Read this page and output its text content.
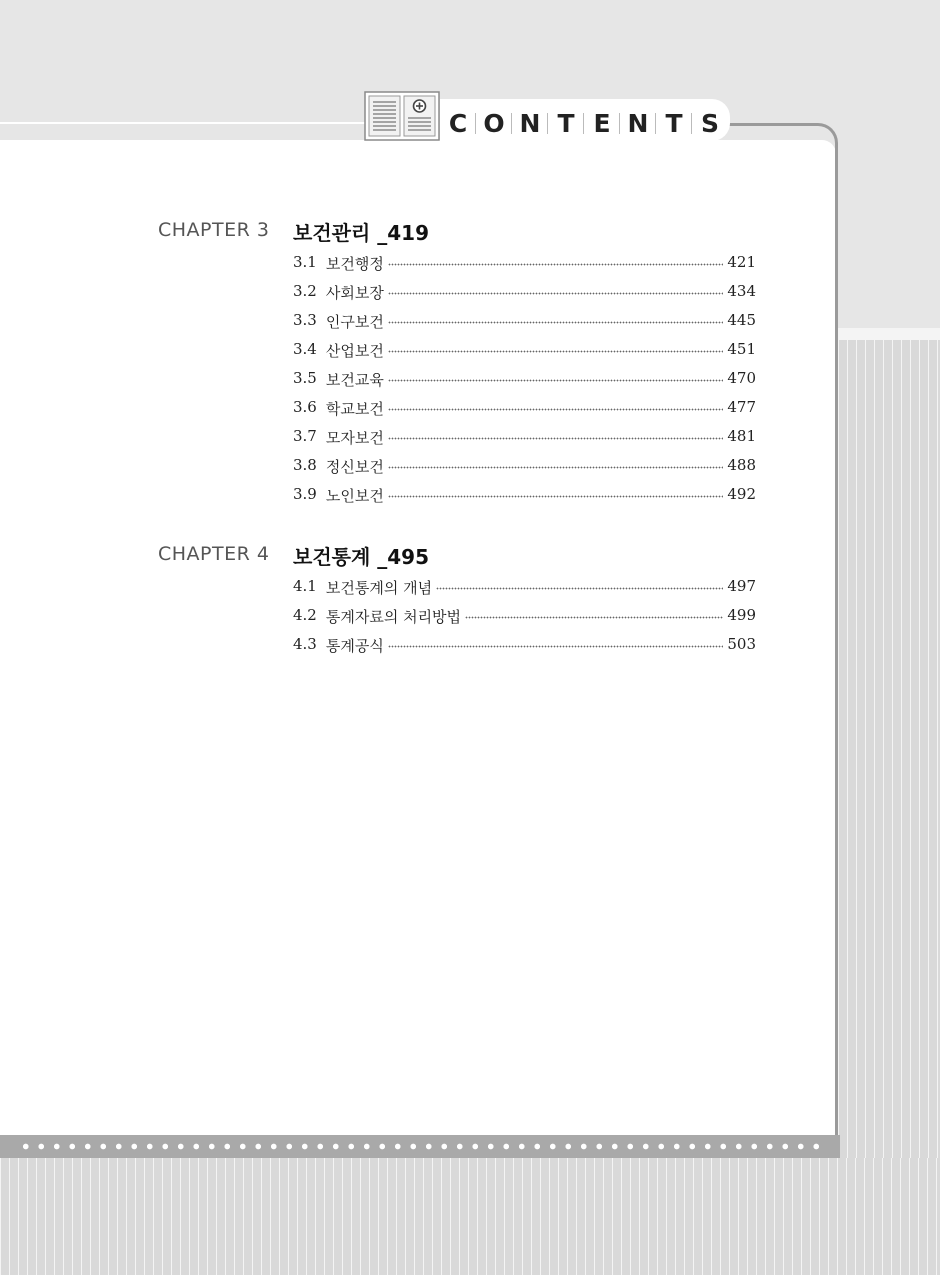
C O N T E N T S
CHAPTER 3 보건관리 _419
3.1 보건행정	421
3.2 사회보장	434
3.3 인구보건	445
3.4 산업보건	451
3.5 보건교육	470
3.6 학교보건	477
3.7 모자보건	481
3.8 정신보건	488
3.9 노인보건	492
CHAPTER 4 보건통계 _495
4.1 보건통계의 개념	497
4.2 통계자료의 처리방법	499
4.3 통계공식	503
